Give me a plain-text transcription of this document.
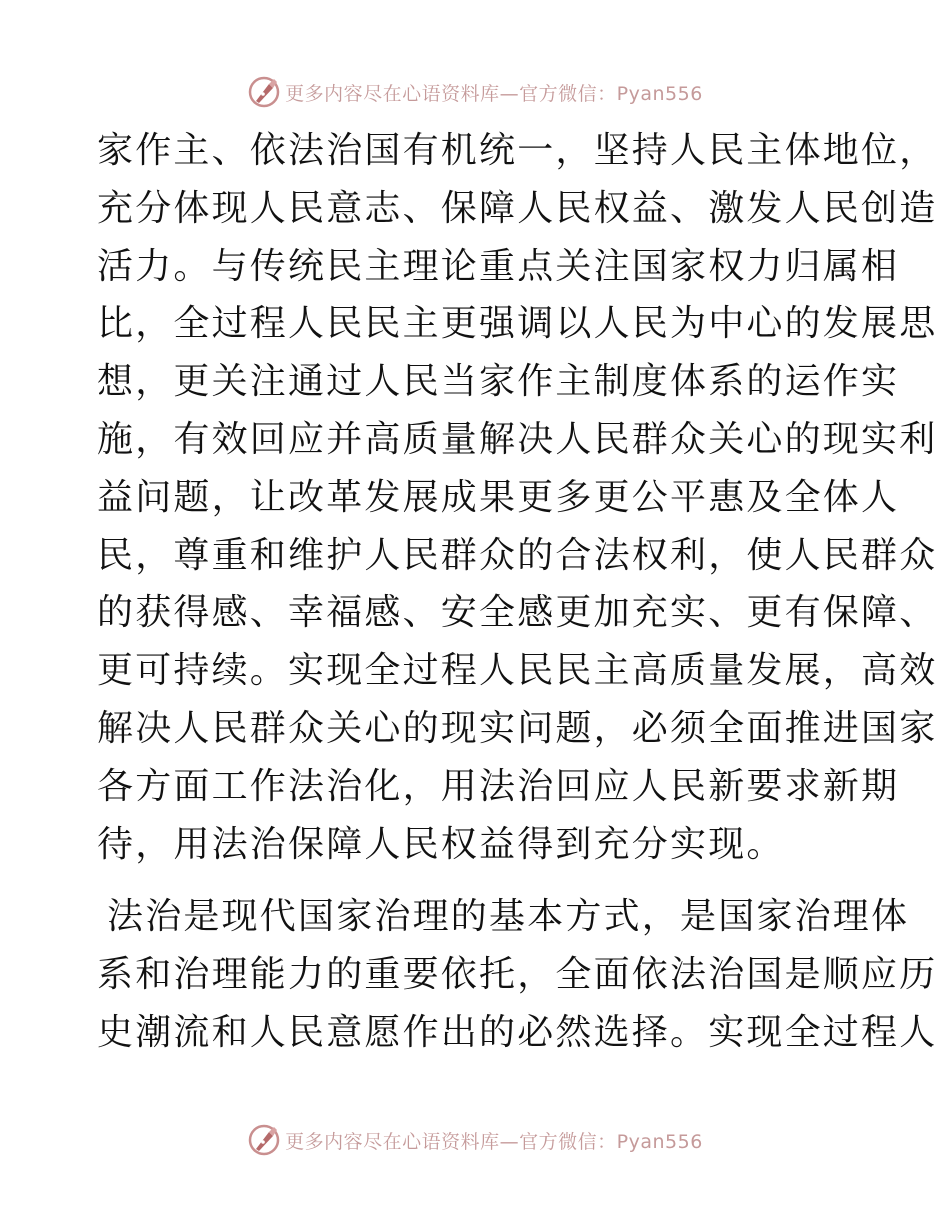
更多内容尽在心语资料库—官方微信：Pyan556

家作主、依法治国有机统一，坚持人民主体地位，
充分体现人民意志、保障人民权益、激发人民创造
活力。与传统民主理论重点关注国家权力归属相
比，全过程人民民主更强调以人民为中心的发展思
想，更关注通过人民当家作主制度体系的运作实
施，有效回应并高质量解决人民群众关心的现实利
益问题，让改革发展成果更多更公平惠及全体人
民，尊重和维护人民群众的合法权利，使人民群众
的获得感、幸福感、安全感更加充实、更有保障、
更可持续。实现全过程人民民主高质量发展，高效
解决人民群众关心的现实问题，必须全面推进国家
各方面工作法治化，用法治回应人民新要求新期
待，用法治保障人民权益得到充分实现。

法治是现代国家治理的基本方式，是国家治理体
系和治理能力的重要依托，全面依法治国是顺应历
史潮流和人民意愿作出的必然选择。实现全过程人

更多内容尽在心语资料库—官方微信：Pyan556
